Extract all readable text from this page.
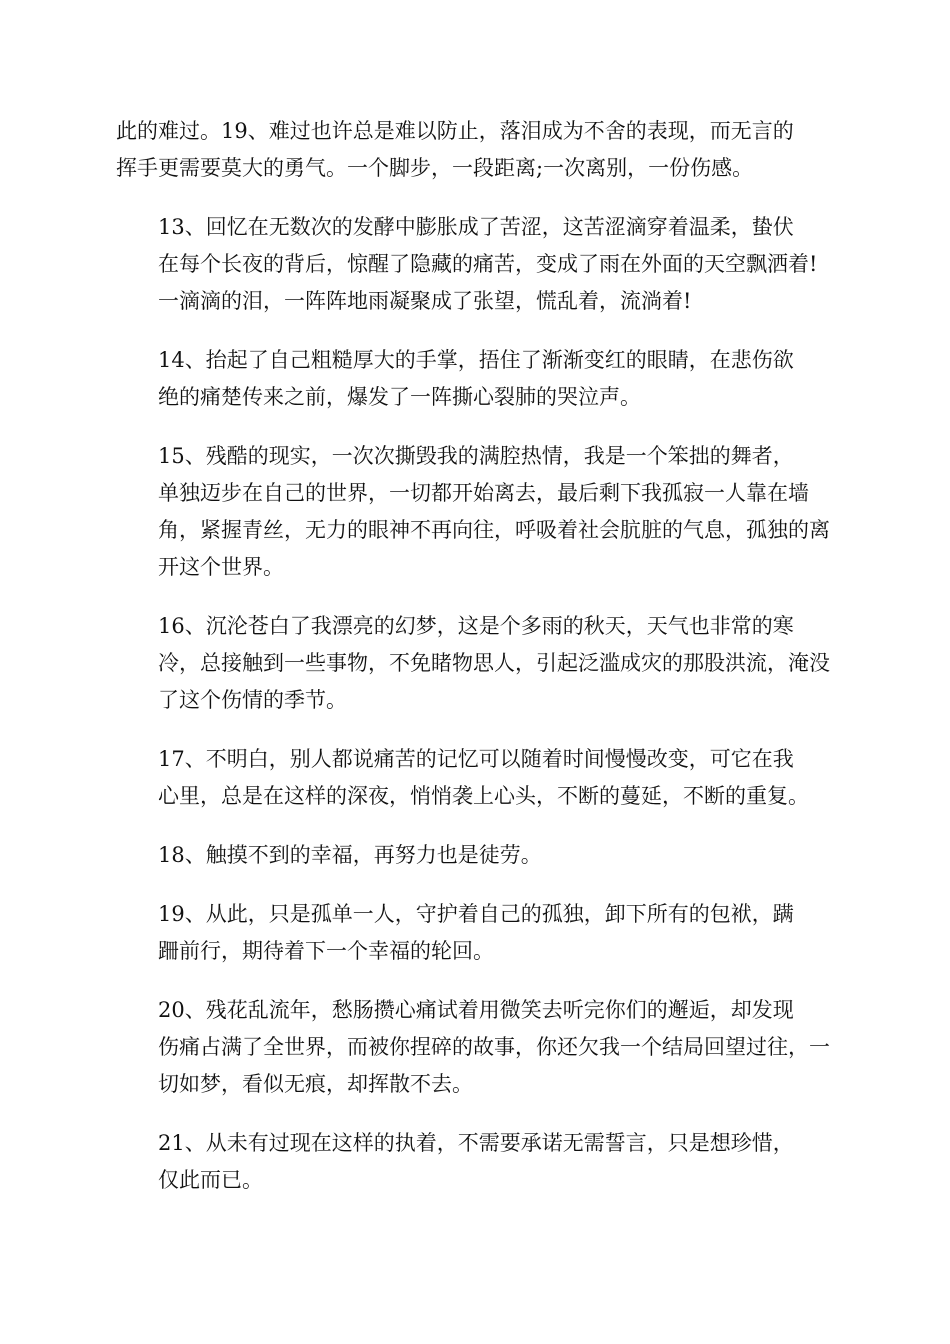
此的难过。19、难过也许总是难以防止，落泪成为不舍的表现，而无言的
挥手更需要莫大的勇气。一个脚步，一段距离;一次离别，一份伤感。

13、回忆在无数次的发酵中膨胀成了苦涩，这苦涩滴穿着温柔，蛰伏
在每个长夜的背后，惊醒了隐藏的痛苦，变成了雨在外面的天空飘洒着!
一滴滴的泪，一阵阵地雨凝聚成了张望，慌乱着，流淌着!

14、抬起了自己粗糙厚大的手掌，捂住了渐渐变红的眼睛，在悲伤欲
绝的痛楚传来之前，爆发了一阵撕心裂肺的哭泣声。

15、残酷的现实，一次次撕毁我的满腔热情，我是一个笨拙的舞者，
单独迈步在自己的世界，一切都开始离去，最后剩下我孤寂一人靠在墙
角，紧握青丝，无力的眼神不再向往，呼吸着社会肮脏的气息，孤独的离
开这个世界。

16、沉沦苍白了我漂亮的幻梦，这是个多雨的秋天，天气也非常的寒
冷，总接触到一些事物，不免睹物思人，引起泛滥成灾的那股洪流，淹没
了这个伤情的季节。

17、不明白，别人都说痛苦的记忆可以随着时间慢慢改变，可它在我
心里，总是在这样的深夜，悄悄袭上心头，不断的蔓延，不断的重复。

18、触摸不到的幸福，再努力也是徒劳。

19、从此，只是孤单一人，守护着自己的孤独，卸下所有的包袱，蹒
跚前行，期待着下一个幸福的轮回。

20、残花乱流年，愁肠攒心痛试着用微笑去听完你们的邂逅，却发现
伤痛占满了全世界，而被你捏碎的故事，你还欠我一个结局回望过往，一
切如梦，看似无痕，却挥散不去。

21、从未有过现在这样的执着，不需要承诺无需誓言，只是想珍惜，
仅此而已。
